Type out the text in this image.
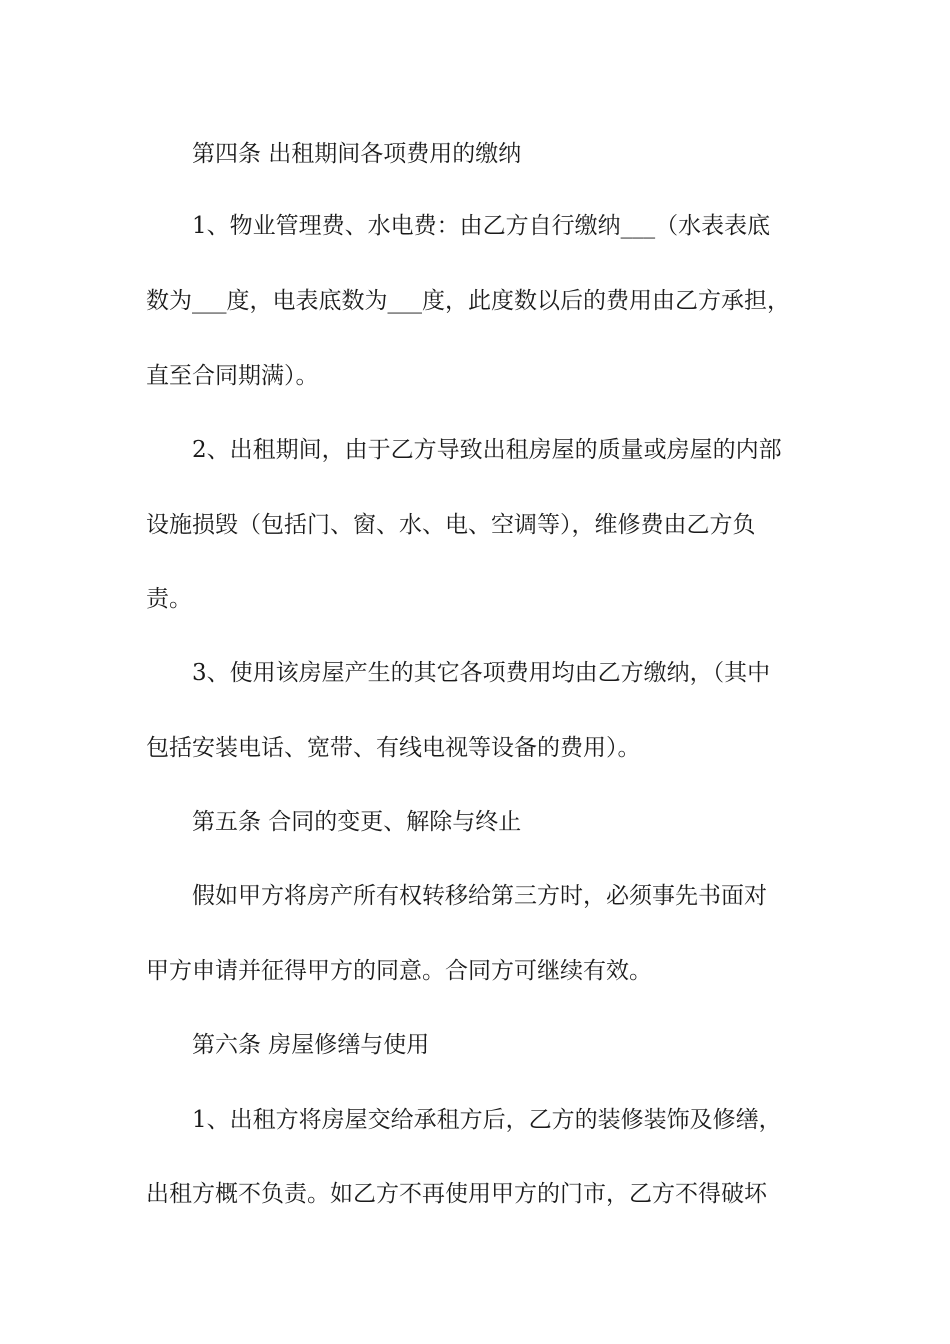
第四条 出租期间各项费用的缴纳

1、物业管理费、水电费：由乙方自行缴纳___（水表表底

数为___度，电表底数为___度，此度数以后的费用由乙方承担，

直至合同期满）。

2、出租期间，由于乙方导致出租房屋的质量或房屋的内部

设施损毁（包括门、窗、水、电、空调等），维修费由乙方负

责。

3、使用该房屋产生的其它各项费用均由乙方缴纳，（其中

包括安装电话、宽带、有线电视等设备的费用）。

第五条 合同的变更、解除与终止

假如甲方将房产所有权转移给第三方时，必须事先书面对

甲方申请并征得甲方的同意。合同方可继续有效。

第六条 房屋修缮与使用

1、出租方将房屋交给承租方后，乙方的装修装饰及修缮，

出租方概不负责。如乙方不再使用甲方的门市，乙方不得破坏
